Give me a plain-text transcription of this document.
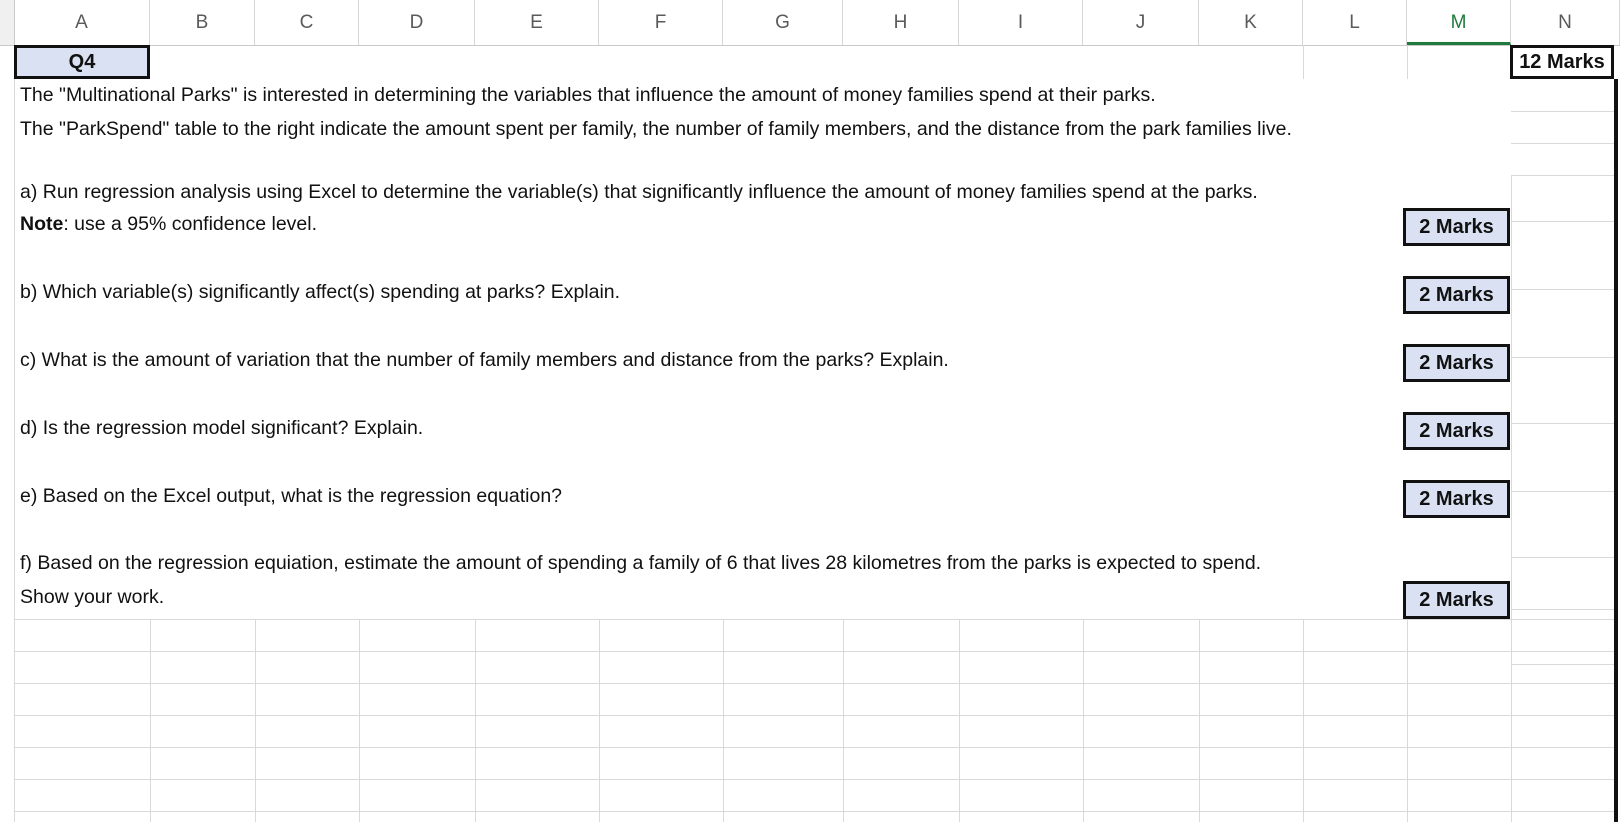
A	B	C	D	E	F	G	H	I	J	K	L	M	N
Q4	12 Marks
The "Multinational Parks" is interested in determining the variables that influence the amount of money families spend at their parks.
The "ParkSpend" table to the right indicate the amount spent per family, the number of family members, and the distance from the park families live.
a) Run regression analysis using Excel to determine the variable(s) that significantly influence the amount of money families spend at the parks.
Note: use a 95% confidence level.	2 Marks
b) Which variable(s) significantly affect(s) spending at parks? Explain.	2 Marks
c) What is the amount of variation that the number of family members and distance from the parks? Explain.	2 Marks
d) Is the regression model significant? Explain.	2 Marks
e) Based on the Excel output, what is the regression equation?	2 Marks
f) Based on the regression equiation, estimate the amount of spending a family of 6 that lives 28 kilometres from the parks is expected to spend.
Show your work.	2 Marks
